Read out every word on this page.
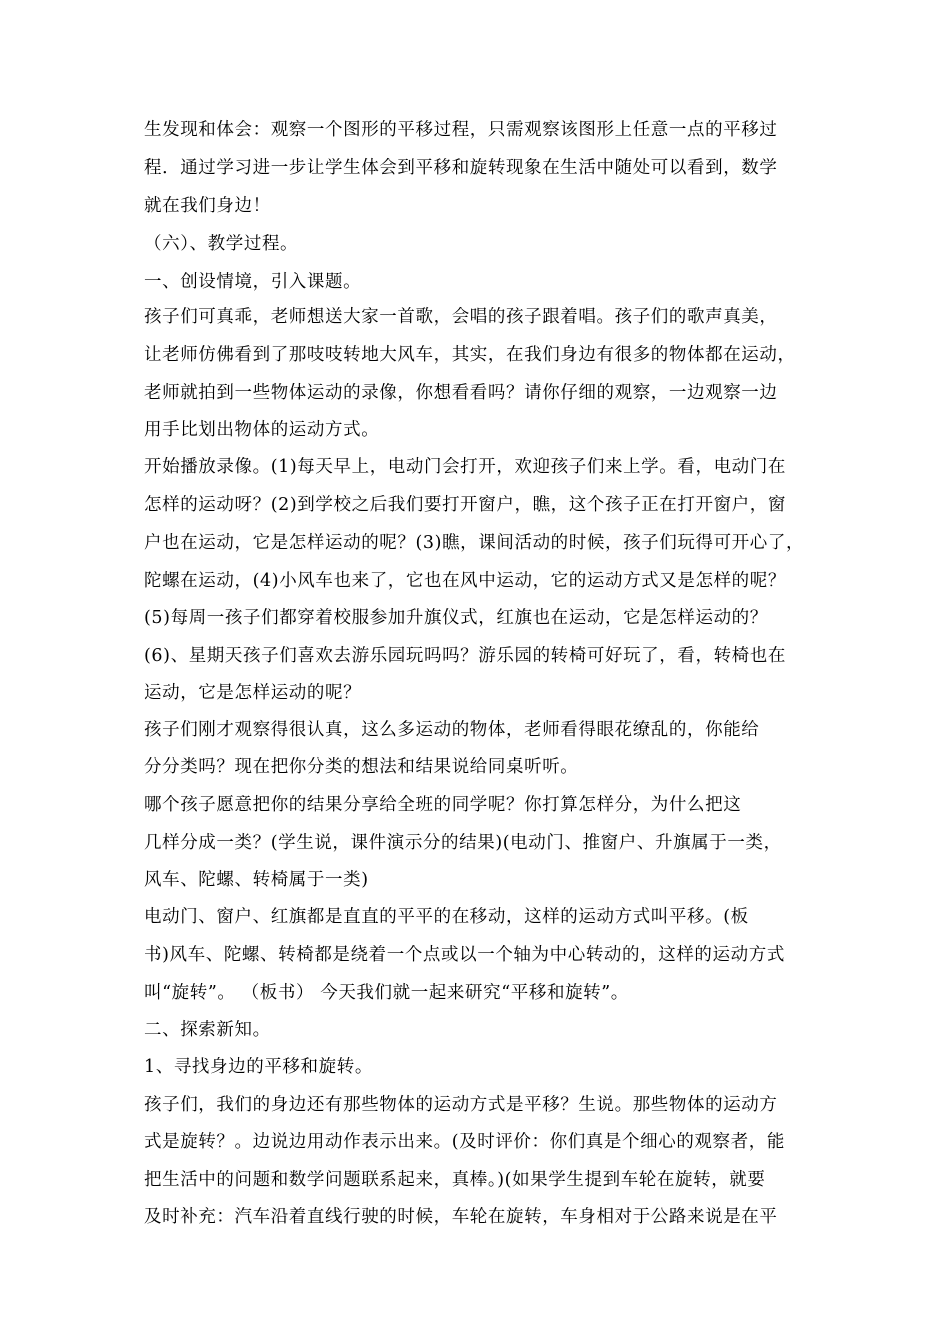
生发现和体会：观察一个图形的平移过程，只需观察该图形上任意一点的平移过
程．通过学习进一步让学生体会到平移和旋转现象在生活中随处可以看到，数学
就在我们身边！
（六）、教学过程。
一、创设情境，引入课题。
孩子们可真乖，老师想送大家一首歌，会唱的孩子跟着唱。孩子们的歌声真美，
让老师仿佛看到了那吱吱转地大风车，其实，在我们身边有很多的物体都在运动，
老师就拍到一些物体运动的录像，你想看看吗？请你仔细的观察，一边观察一边
用手比划出物体的运动方式。
开始播放录像。(1)每天早上，电动门会打开，欢迎孩子们来上学。看，电动门在
怎样的运动呀？(2)到学校之后我们要打开窗户，瞧，这个孩子正在打开窗户，窗
户也在运动，它是怎样运动的呢？(3)瞧，课间活动的时候，孩子们玩得可开心了，
陀螺在运动，(4)小风车也来了，它也在风中运动，它的运动方式又是怎样的呢？
(5)每周一孩子们都穿着校服参加升旗仪式，红旗也在运动，它是怎样运动的？
(6)、星期天孩子们喜欢去游乐园玩吗吗？游乐园的转椅可好玩了，看，转椅也在
运动，它是怎样运动的呢？
孩子们刚才观察得很认真，这么多运动的物体，老师看得眼花缭乱的，你能给
分分类吗？现在把你分类的想法和结果说给同桌听听。
哪个孩子愿意把你的结果分享给全班的同学呢？你打算怎样分，为什么把这
几样分成一类？(学生说，课件演示分的结果)(电动门、推窗户、升旗属于一类，
风车、陀螺、转椅属于一类)
电动门、窗户、红旗都是直直的平平的在移动，这样的运动方式叫平移。(板
书)风车、陀螺、转椅都是绕着一个点或以一个轴为中心转动的，这样的运动方式
叫“旋转”。 （板书） 今天我们就一起来研究“平移和旋转”。
二、探索新知。
1、寻找身边的平移和旋转。
孩子们，我们的身边还有那些物体的运动方式是平移？生说。那些物体的运动方
式是旋转？。边说边用动作表示出来。(及时评价：你们真是个细心的观察者，能
把生活中的问题和数学问题联系起来，真棒。)(如果学生提到车轮在旋转，就要
及时补充：汽车沿着直线行驶的时候，车轮在旋转，车身相对于公路来说是在平
